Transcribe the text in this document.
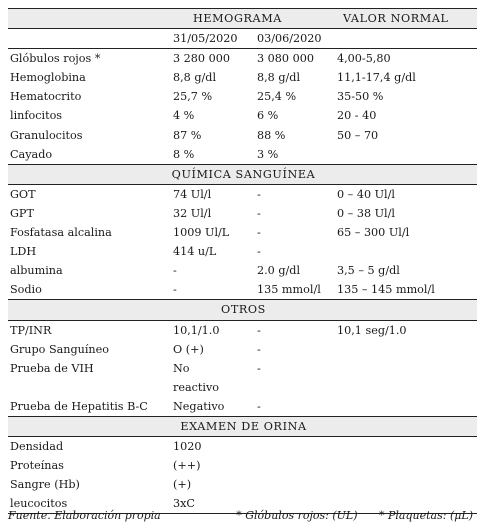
	HEMOGRAMA		VALOR NORMAL
	31/05/2020	03/06/2020	
Glóbulos rojos *	3 280 000	3 080 000	4,00-5,80
Hemoglobina	8,8 g/dl	8,8 g/dl	11,1-17,4 g/dl
Hematocrito	25,7 %	25,4 %	35-50 %
linfocitos	4 %	6 %	20 - 40
Granulocitos	87 %	88 %	50 – 70
Cayado	8 %	3 %	
QUÍMICA SANGUÍNEA			
GOT	74 Ul/l	-	0 – 40 Ul/l
GPT	32 Ul/l	-	0 – 38 Ul/l
Fosfatasa alcalina	1009 Ul/L	-	65 – 300 Ul/l
LDH	414 u/L	-	
albumina	-	2.0 g/dl	3,5 – 5 g/dl
Sodio	-	135 mmol/l	135 – 145 mmol/l
OTROS			
TP/INR	10,1/1.0	-	10,1 seg/1.0
Grupo Sanguíneo	O (+)	-	
Prueba de VIH	No	-	
	reactivo		
Prueba de Hepatitis B-C	Negativo	-	
EXAMEN DE ORINA			
Densidad	1020		
Proteínas	(++)		
Sangre (Hb)	(+)		
leucocitos	3xC		
Fuente. Elaboración propia	* Glóbulos rojos: (UL) * Plaquetas: (µL)
